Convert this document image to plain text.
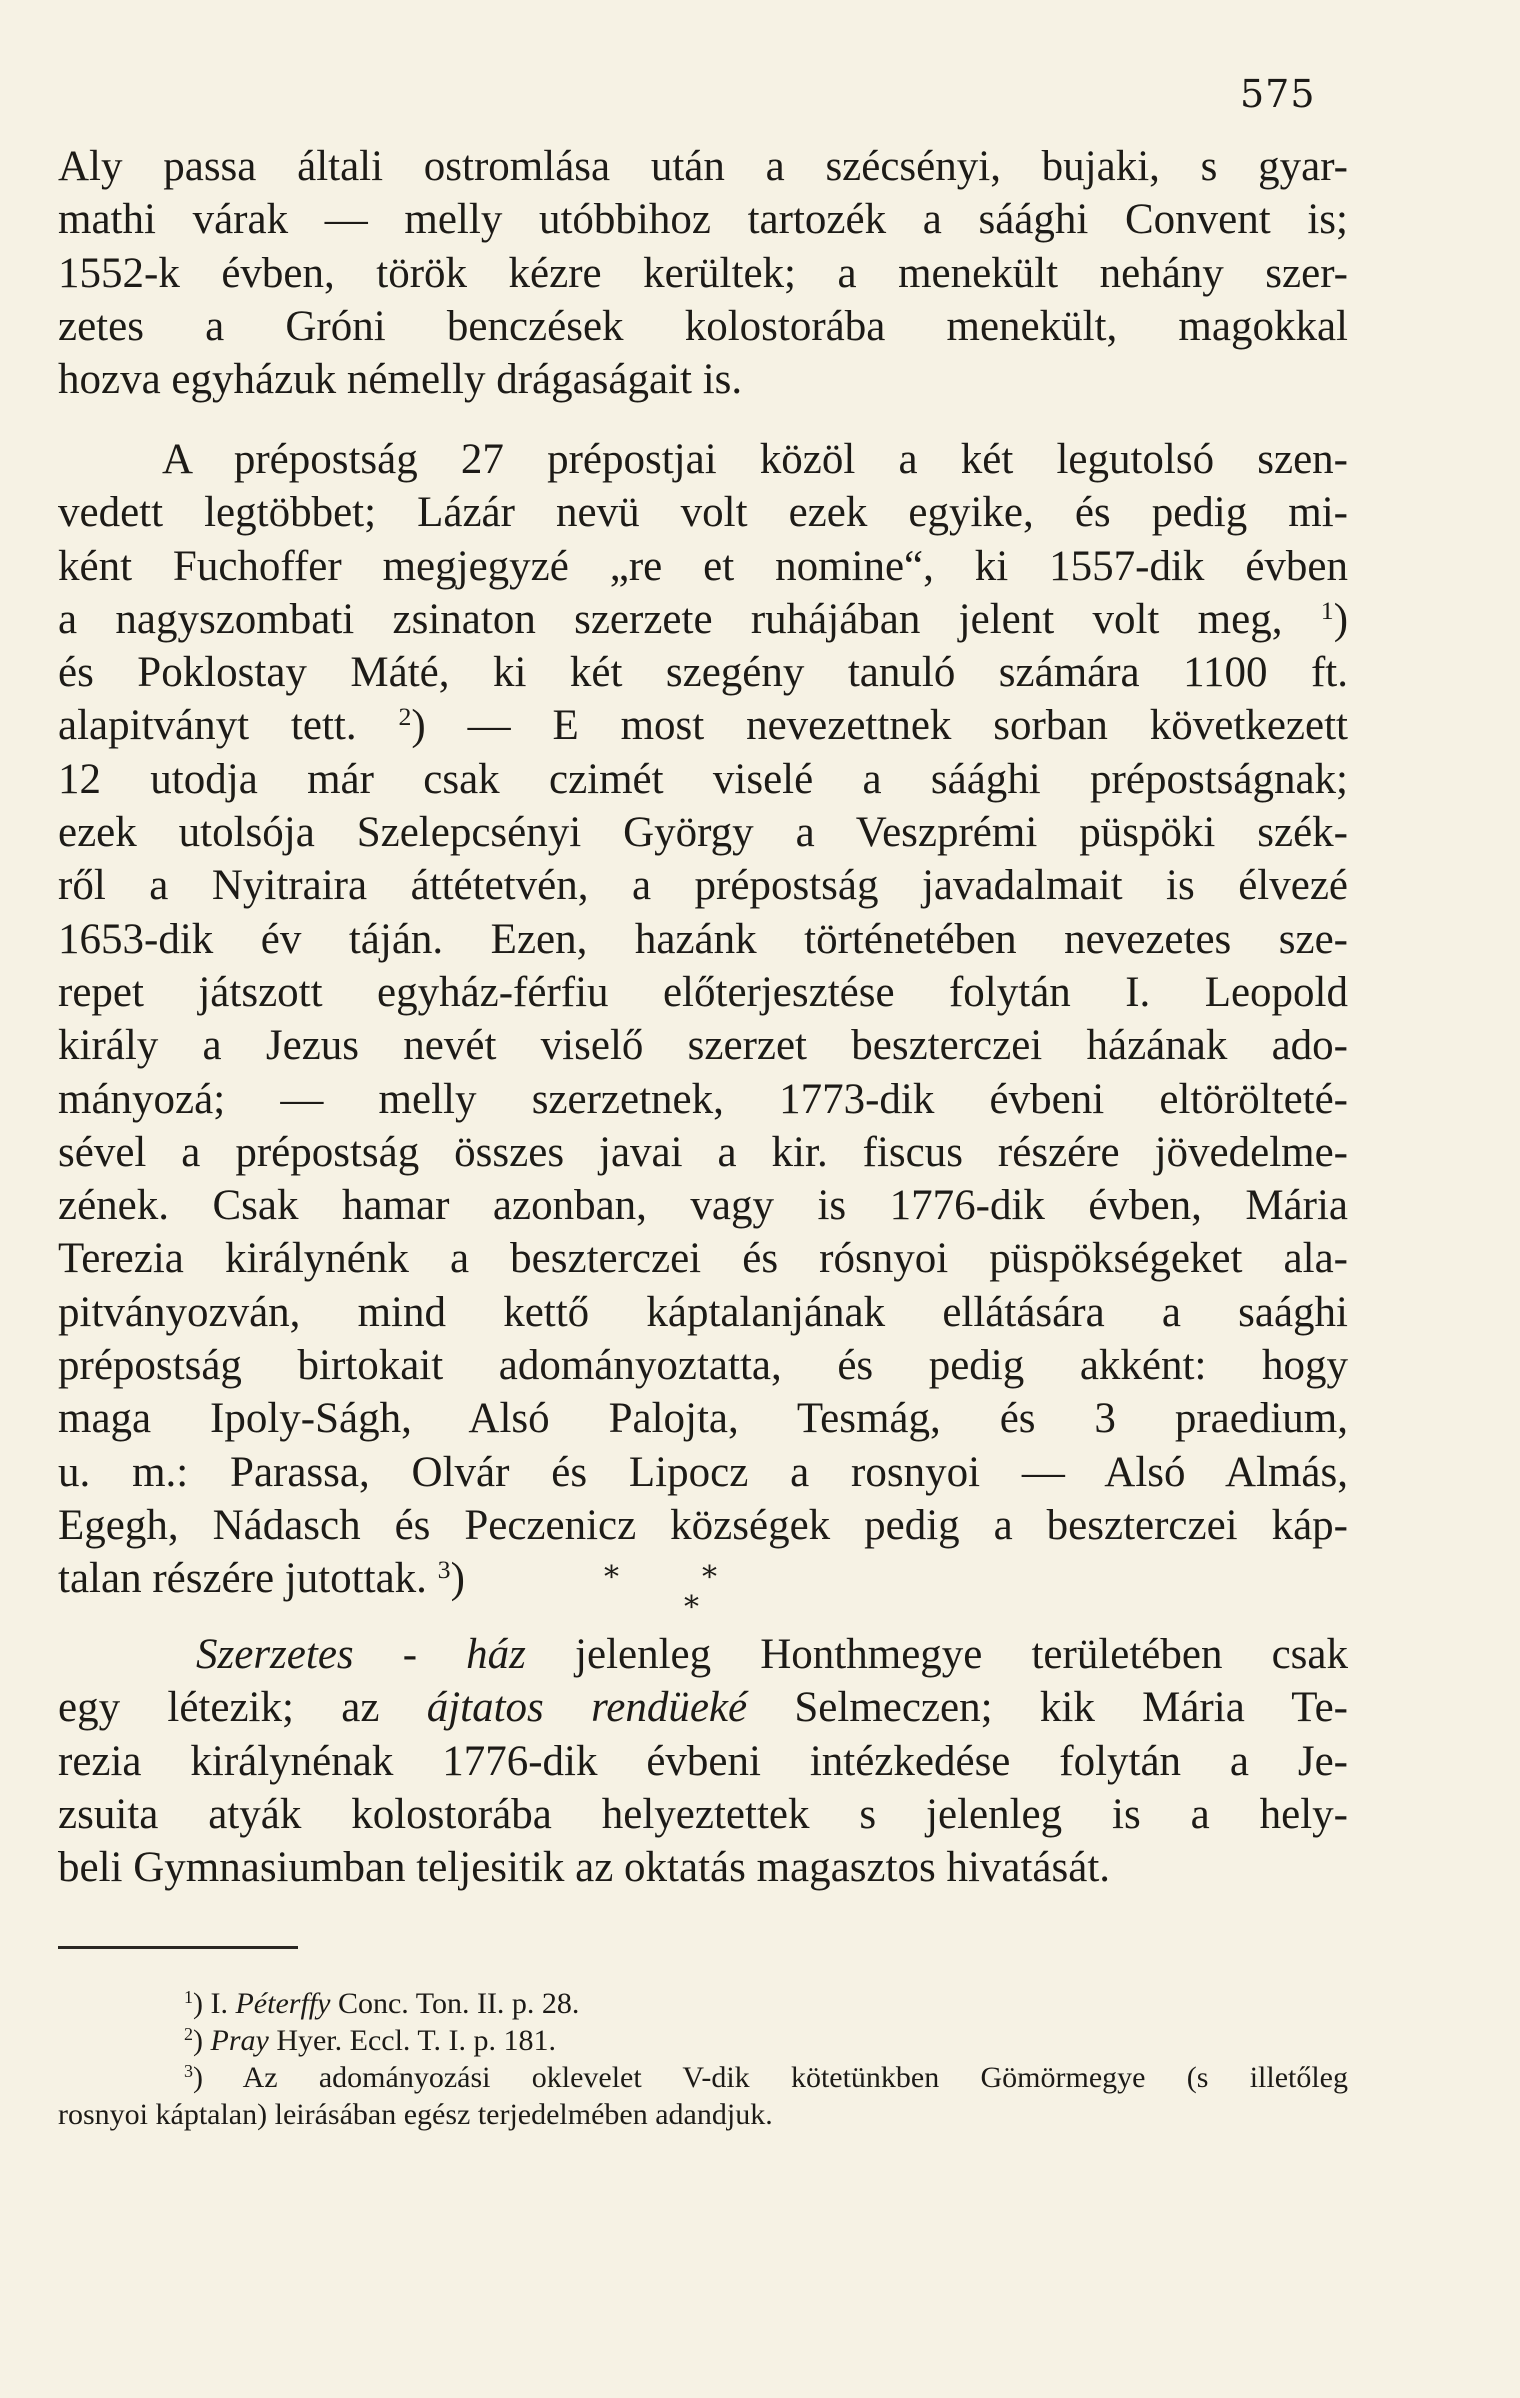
575
Aly passa általi ostromlása után a szécsényi, bujaki, s gyar-
mathi várak — melly utóbbihoz tartozék a sáághi Convent is;
1552-k évben, török kézre kerültek; a menekült nehány szer-
zetes a Gróni benczések kolostorába menekült, magokkal
hozva egyházuk némelly drágaságait is.
A prépostság 27 prépostjai közöl a két legutolsó szen-
vedett legtöbbet; Lázár nevü volt ezek egyike, és pedig mi-
ként Fuchoffer megjegyzé „re et nomine“, ki 1557-dik évben
a nagyszombati zsinaton szerzete ruhájában jelent volt meg, $^1$)
és Poklostay Máté, ki két szegény tanuló számára 1100 ft.
alapitványt tett. $^2$) — E most nevezettnek sorban következett
12 utodja már csak czimét viselé a sáághi prépostságnak;
ezek utolsója Szelepcsényi György a Veszprémi püspöki szék-
ről a Nyitraira áttétetvén, a prépostság javadalmait is élvezé
1653-dik év táján. Ezen, hazánk történetében nevezetes sze-
repet játszott egyház-férfiu előterjesztése folytán I. Leopold
király a Jezus nevét viselő szerzet beszterczei házának ado-
mányozá; — melly szerzetnek, 1773-dik évbeni eltörölteté-
sével a prépostság összes javai a kir. fiscus részére jövedelme-
zének. Csak hamar azonban, vagy is 1776-dik évben, Mária
Terezia királynénk a beszterczei és rósnyoi püspökségeket ala-
pitványozván, mind kettő káptalanjának ellátására a saághi
prépostság birtokait adományoztatta, és pedig akként: hogy
maga Ipoly-Ságh, Alsó Palojta, Tesmág, és 3 praedium,
u. m.: Parassa, Olvár és Lipocz a rosnyoi — Alsó Almás,
Egegh, Nádasch és Peczenicz községek pedig a beszterczei káp-
talan részére jutottak. $^3$)	*	*
*
Szerzetes - ház jelenleg Honthmegye területében csak
egy létezik; az ájtatos rendüeké Selmeczen; kik Mária Te-
rezia királynénak 1776-dik évbeni intézkedése folytán a Je-
zsuita atyák kolostorába helyeztettek s jelenleg is a hely-
beli Gymnasiumban teljesitik az oktatás magasztos hivatását.
$^1$) I. Péterffy Conc. Ton. II. p. 28.
$^2$) Pray Hyer. Eccl. T. I. p. 181.
$^3$) Az adományozási oklevelet V-dik kötetünkben Gömörmegye (s illetőleg
rosnyoi káptalan) leirásában egész terjedelmében adandjuk.
